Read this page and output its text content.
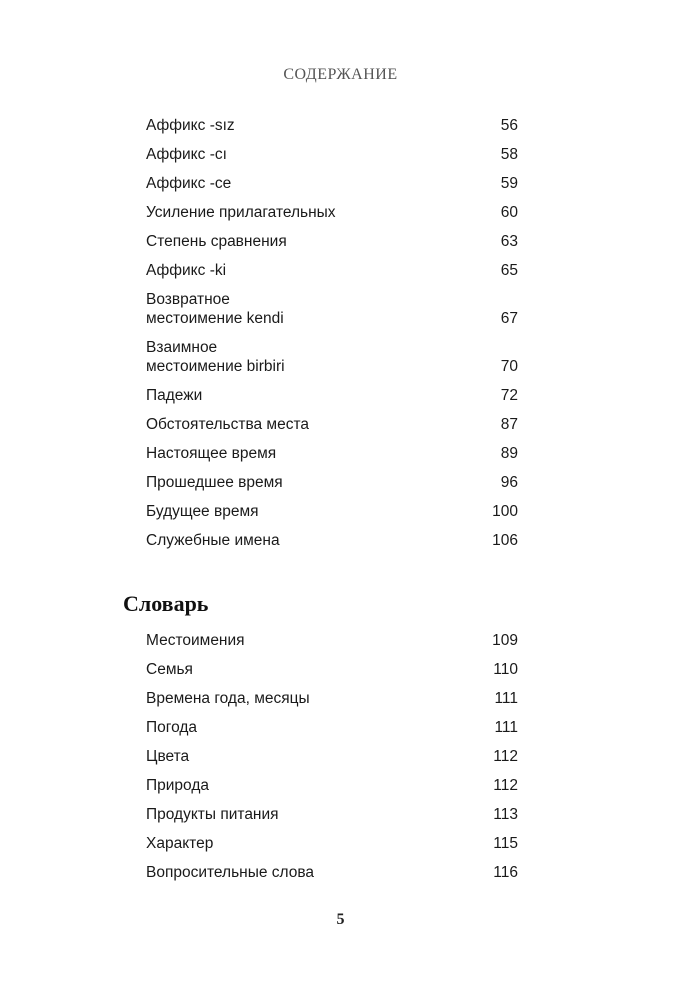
СОДЕРЖАНИЕ
Аффикс -sız	56
Аффикс -cı	58
Аффикс -ce	59
Усиление прилагательных	60
Степень сравнения	63
Аффикс -ki	65
Возвратное
местоимение kendi	67
Взаимное
местоимение birbiri	70
Падежи	72
Обстоятельства места	87
Настоящее время	89
Прошедшее время	96
Будущее время	100
Служебные имена	106
Словарь
Местоимения	109
Семья	110
Времена года, месяцы	111
Погода	111
Цвета	112
Природа	112
Продукты питания	113
Характер	115
Вопросительные слова	116
5
